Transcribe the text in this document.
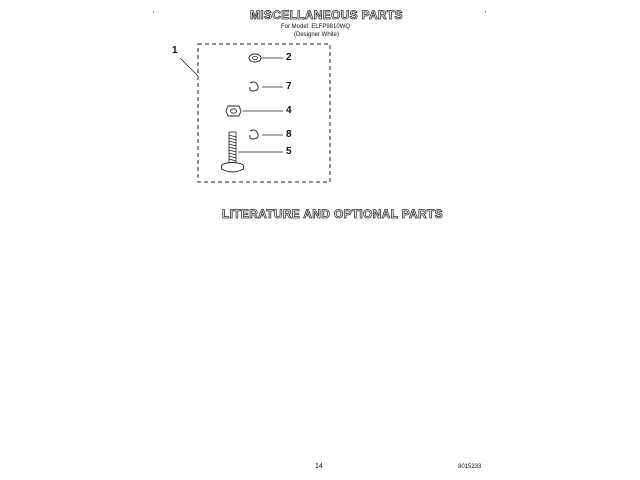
MISCELLANEOUS PARTS
For Model: ELFP9810WQ
(Designer White)
1
2
7
4
8
5
LITERATURE AND OPTIONAL PARTS
14	8015233
